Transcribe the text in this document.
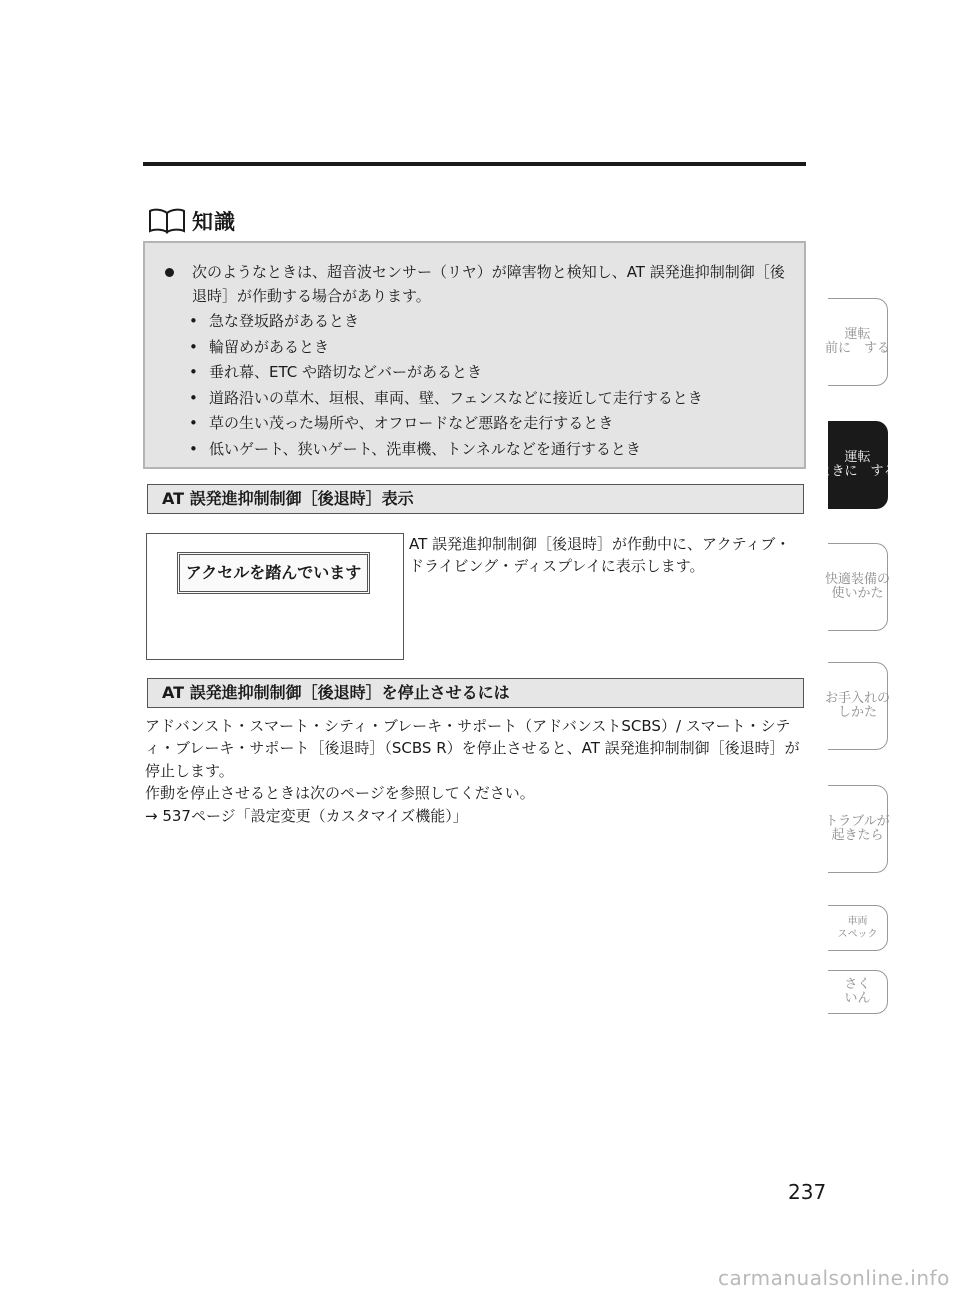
知識
次のようなときは、超音波センサー（リヤ）が障害物と検知し、AT 誤発進抑制制御［後退時］が作動する場合があります。
• 急な登坂路があるとき
• 輪留めがあるとき
• 垂れ幕、ETC や踏切などバーがあるとき
• 道路沿いの草木、垣根、車両、壁、フェンスなどに接近して走行するとき
• 草の生い茂った場所や、オフロードなど悪路を走行するとき
• 低いゲート、狭いゲート、洗車機、トンネルなどを通行するとき
AT 誤発進抑制制御［後退時］表示
アクセルを踏んでいます
AT 誤発進抑制制御［後退時］が作動中に、アクティブ・ドライビング・ディスプレイに表示します。
AT 誤発進抑制制御［後退時］を停止させるには

アドバンスト・スマート・シティ・ブレーキ・サポート（アドバンストSCBS）/ スマート・シティ・ブレーキ・サポート［後退時］（SCBS R）を停止させると、AT 誤発進抑制制御［後退時］が停止します。

作動を停止させるときは次のページを参照してください。

→ 537ページ「設定変更（カスタマイズ機能）」

運転
前に　する
運転
ときに　する
快適装備の
使いかた
お手入れの
しかた
トラブルが
起きたら
車両
スペック
さく
いん
237
carmanualsonline.info
